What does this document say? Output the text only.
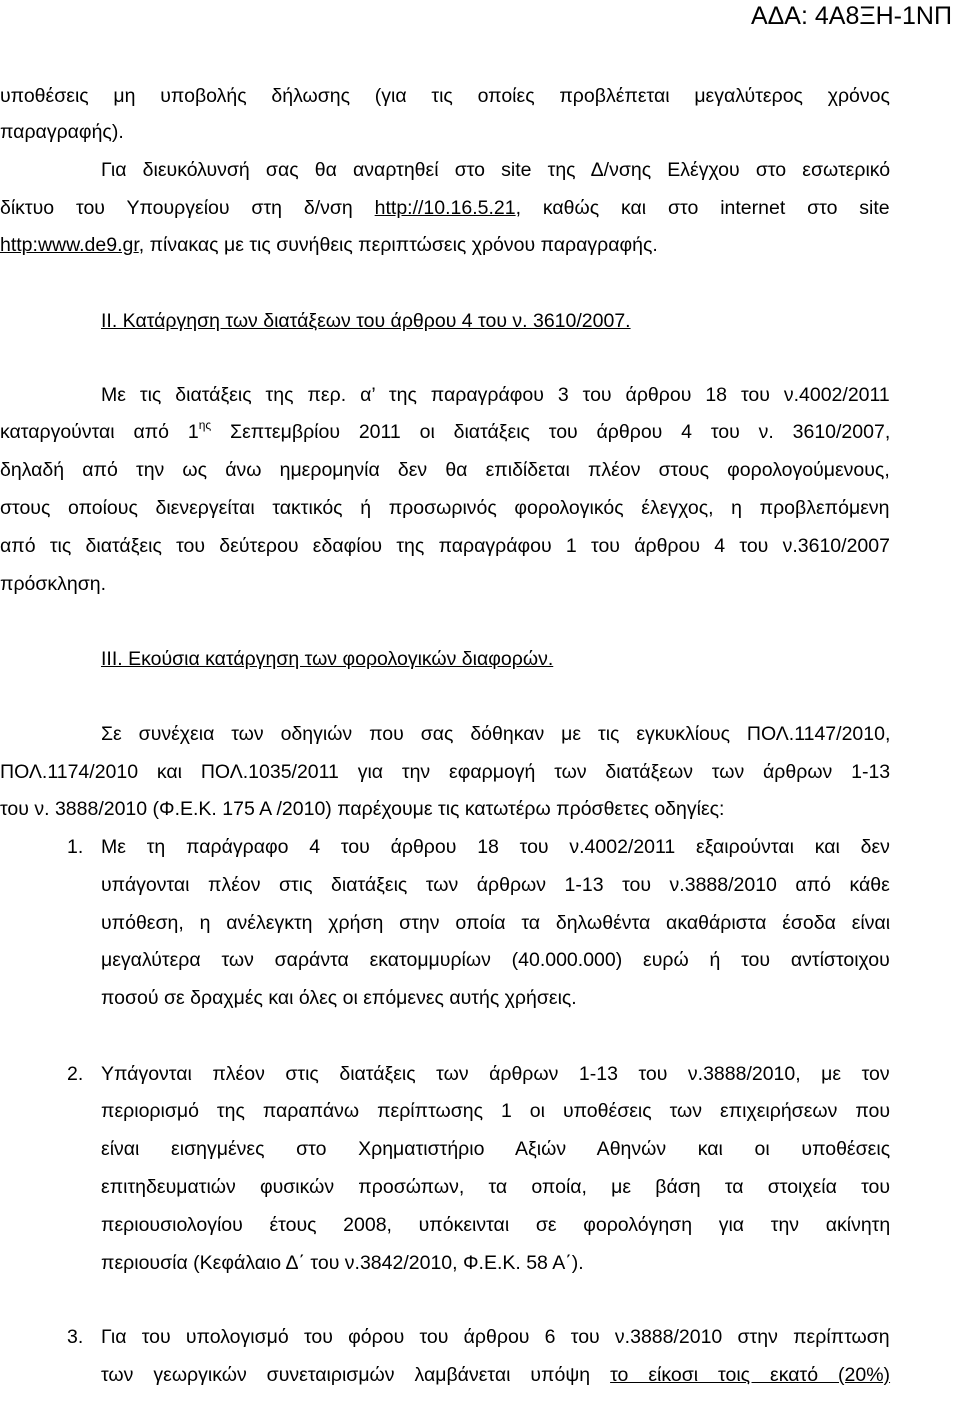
ΑΔΑ: 4Α8ΞΗ-1ΝΠ
υποθέσεις μη υποβολής δήλωσης (για τις οποίες προβλέπεται μεγαλύτερος χρόνος
παραγραφής).
Για διευκόλυνσή σας θα αναρτηθεί στο site της Δ/νσης Ελέγχου στο εσωτερικό
δίκτυο του Υπουργείου στη δ/νση http://10.16.5.21, καθώς και στο internet στο site
http:www.de9.gr, πίνακας με τις συνήθεις περιπτώσεις χρόνου παραγραφής.
II. Κατάργηση των διατάξεων του άρθρου 4 του ν. 3610/2007.
Με τις διατάξεις της περ. α’ της παραγράφου 3 του άρθρου 18 του ν.4002/2011
καταργούνται από $1^{\eta\varsigma}$ Σεπτεμβρίου 2011 οι διατάξεις του άρθρου 4 του ν. 3610/2007,
δηλαδή από την ως άνω ημερομηνία δεν θα επιδίδεται πλέον στους φορολογούμενους,
στους οποίους διενεργείται τακτικός ή προσωρινός φορολογικός έλεγχος, η προβλεπόμενη
από τις διατάξεις του δεύτερου εδαφίου της παραγράφου 1 του άρθρου 4 του ν.3610/2007
πρόσκληση.
III. Εκούσια κατάργηση των φορολογικών διαφορών.
Σε συνέχεια των οδηγιών που σας δόθηκαν με τις εγκυκλίους ΠΟΛ.1147/2010,
ΠΟΛ.1174/2010 και ΠΟΛ.1035/2011 για την εφαρμογή των διατάξεων των άρθρων 1-13
του ν. 3888/2010 (Φ.Ε.Κ. 175 Α /2010) παρέχουμε τις κατωτέρω πρόσθετες οδηγίες:
1. Με τη παράγραφο 4 του άρθρου 18 του ν.4002/2011 εξαιρούνται και δεν
υπάγονται πλέον στις διατάξεις των άρθρων 1-13 του ν.3888/2010 από κάθε
υπόθεση, η ανέλεγκτη χρήση στην οποία τα δηλωθέντα ακαθάριστα έσοδα είναι
μεγαλύτερα των σαράντα εκατομμυρίων (40.000.000) ευρώ ή του αντίστοιχου
ποσού σε δραχμές και όλες οι επόμενες αυτής χρήσεις.
2. Υπάγονται πλέον στις διατάξεις των άρθρων 1-13 του ν.3888/2010, με τον
περιορισμό της παραπάνω περίπτωσης 1 οι υποθέσεις των επιχειρήσεων που
είναι εισηγμένες στο Χρηματιστήριο Αξιών Αθηνών και οι υποθέσεις
επιτηδευματιών φυσικών προσώπων, τα οποία, με βάση τα στοιχεία του
περιουσιολογίου έτους 2008, υπόκεινται σε φορολόγηση για την ακίνητη
περιουσία (Κεφάλαιο Δ΄ του ν.3842/2010, Φ.Ε.Κ. 58 Α΄).
3. Για του υπολογισμό του φόρου του άρθρου 6 του ν.3888/2010 στην περίπτωση
των γεωργικών συνεταιρισμών λαμβάνεται υπόψη το είκοσι τοις εκατό (20%)
